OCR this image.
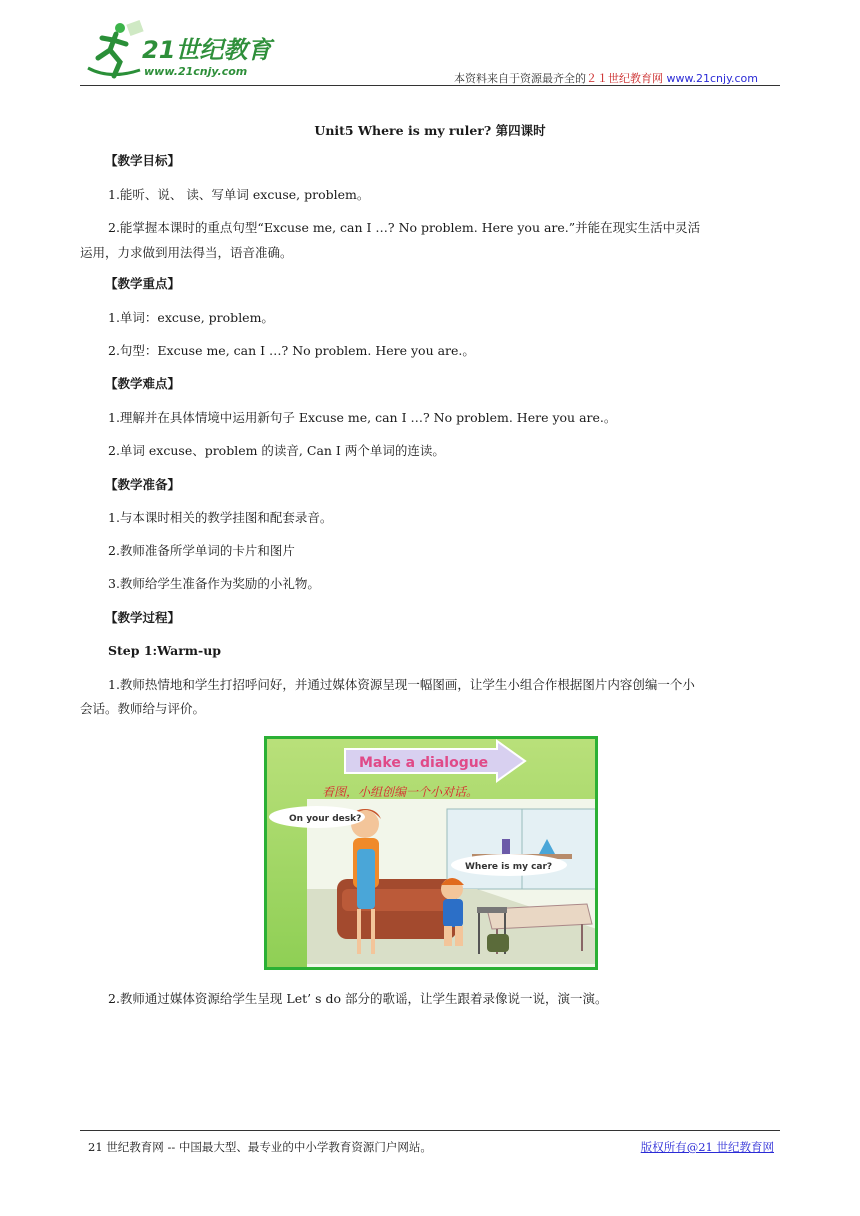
21世纪教育
www.21cnjy.com
本资料来自于资源最齐全的２１世纪教育网 www.21cnjy.com
Unit5 Where is my ruler? 第四课时
【教学目标】
1.能听、说、 读、写单词 excuse, problem。
2.能掌握本课时的重点句型“Excuse me, can I …? No problem. Here you are.”并能在现实生活中灵活
运用，力求做到用法得当，语音准确。
【教学重点】
1.单词：excuse, problem。
2.句型：Excuse me, can I …? No problem. Here you are.。
【教学难点】
1.理解并在具体情境中运用新句子 Excuse me, can I …? No problem. Here you are.。
2.单词 excuse、problem 的读音, Can I 两个单词的连读。
【教学准备】
1.与本课时相关的教学挂图和配套录音。
2.教师准备所学单词的卡片和图片
3.教师给学生准备作为奖励的小礼物。
【教学过程】
Step 1:Warm-up
1.教师热情地和学生打招呼问好，并通过媒体资源呈现一幅图画，让学生小组合作根据图片内容创编一个小
会话。教师给与评价。
2.教师通过媒体资源给学生呈现 Let’ s do 部分的歌谣，让学生跟着录像说一说，演一演。
Make a dialogue
看图，小组创编一个小对话。
On your desk?
Where is my car?
21 世纪教育网 -- 中国最大型、最专业的中小学教育资源门户网站。	版权所有@21 世纪教育网
